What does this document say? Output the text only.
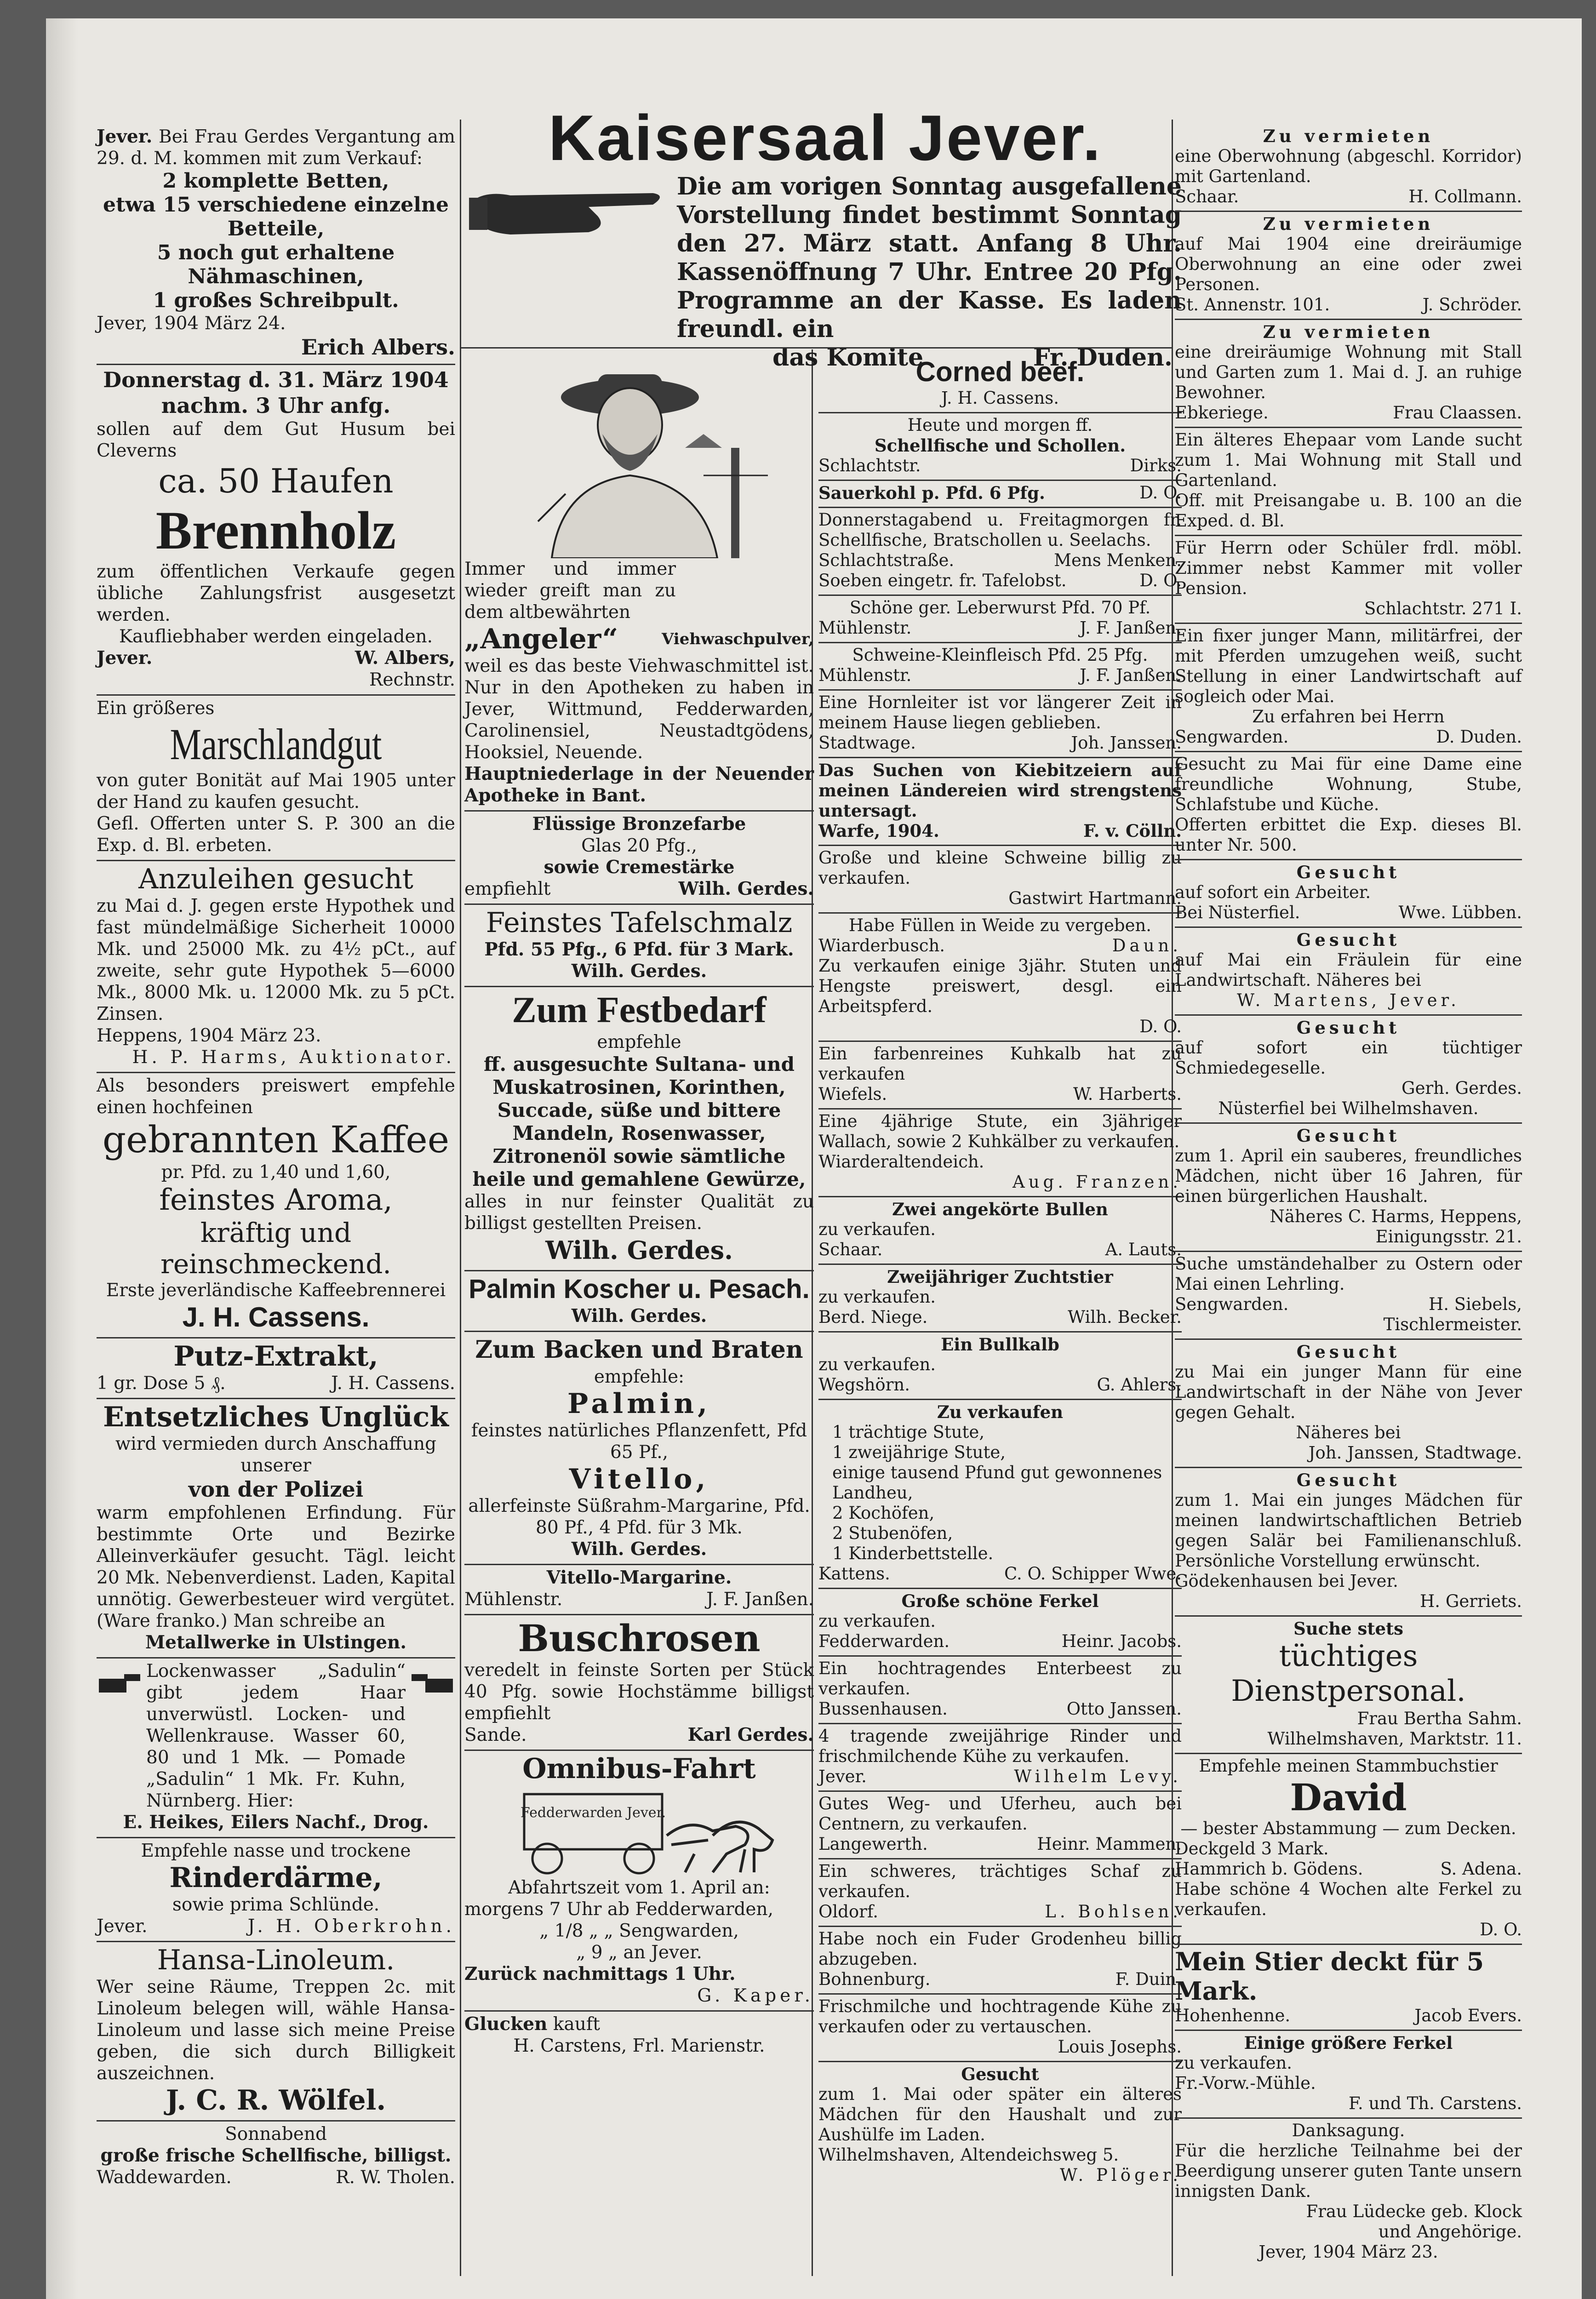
Jever. Bei Frau Gerdes Vergantung am 29. d. M. kommen mit zum Verkauf:

2 komplette Betten,
etwa 15 verschiedene einzelne Betteile,
5 noch gut erhaltene Nähmaschinen,
1 großes Schreibpult.
Jever, 1904 März 24.
Erich Albers.
Donnerstag d. 31. März 1904
nachm. 3 Uhr anfg.

sollen auf dem Gut Husum bei Cleverns

ca. 50 Haufen
Brennholz

zum öffentlichen Verkaufe gegen übliche Zahlungsfrist ausgesetzt werden.

Kaufliebhaber werden eingeladen.
Jever.	W. Albers,
Rechnstr.
Ein größeres
Marschlandgut

von guter Bonität auf Mai 1905 unter der Hand zu kaufen gesucht.

Gefl. Offerten unter S. P. 300 an die Exp. d. Bl. erbeten.

Anzuleihen gesucht

zu Mai d. J. gegen erste Hypothek und fast mündelmäßige Sicherheit 10000 Mk. und 25000 Mk. zu 4½ pCt., auf zweite, sehr gute Hypothek 5—6000 Mk., 8000 Mk. u. 12000 Mk. zu 5 pCt. Zinsen.

Heppens, 1904 März 23.
H. P. Harms, Auktionator.

Als besonders preiswert empfehle einen hochfeinen

gebrannten Kaffee
pr. Pfd. zu 1,40 und 1,60,
feinstes Aroma,
kräftig und reinschmeckend.
Erste jeverländische Kaffeebrennerei
J. H. Cassens.
Putz-Extrakt,
1 gr. Dose 5 ₰.	J. H. Cassens.
Entsetzliches Unglück
wird vermieden durch Anschaffung unserer
von der Polizei

warm empfohlenen Erfindung. Für bestimmte Orte und Bezirke Alleinverkäufer gesucht. Tägl. leicht 20 Mk. Nebenverdienst. Laden, Kapital unnötig. Gewerbesteuer wird vergütet. (Ware franko.) Man schreibe an

Metallwerke in Ulstingen.

Lockenwasser „Sadulin“ gibt jedem Haar unverwüstl. Locken- und Wellenkrause. Wasser 60, 80 und 1 Mk. — Pomade „Sadulin“ 1 Mk. Fr. Kuhn, Nürnberg. Hier:

E. Heikes, Eilers Nachf., Drog.
Empfehle nasse und trockene
Rinderdärme,
sowie prima Schlünde.
Jever.	J. H. Oberkrohn.
Hansa-Linoleum.

Wer seine Räume, Treppen 2c. mit Linoleum belegen will, wähle Hansa-Linoleum und lasse sich meine Preise geben, die sich durch Billigkeit auszeichnen.

J. C. R. Wölfel.
Sonnabend
große frische Schellfische, billigst.
Waddewarden.	R. W. Tholen.
Kaisersaal Jever.

Die am vorigen Sonntag ausgefallene Vorstellung findet bestimmt Sonntag den 27. März statt. Anfang 8 Uhr. Kassenöffnung 7 Uhr. Entree 20 Pfg. Programme an der Kasse. Es laden freundl. ein

das Komite	Fr. Duden.

Immer und immer wieder greift man zu dem altbewährten

„Angeler“	Viehwaschpulver,

weil es das beste Viehwaschmittel ist. Nur in den Apotheken zu haben in Jever, Wittmund, Fedderwarden, Carolinensiel, Neustadtgödens, Hooksiel, Neuende.

Hauptniederlage in der Neuender Apotheke in Bant.

Flüssige Bronzefarbe
Glas 20 Pfg.,
sowie Cremestärke
empfiehlt	Wilh. Gerdes.
Feinstes Tafelschmalz
Pfd. 55 Pfg., 6 Pfd. für 3 Mark.
Wilh. Gerdes.
Zum Festbedarf
empfehle
ff. ausgesuchte Sultana- und Muskatrosinen, Korinthen, Succade, süße und bittere Mandeln, Rosenwasser, Zitronenöl sowie sämtliche heile und gemahlene Gewürze,

alles in nur feinster Qualität zu billigst gestellten Preisen.

Wilh. Gerdes.
Palmin Koscher u. Pesach.
Wilh. Gerdes.
Zum Backen und Braten
empfehle:
Palmin,
feinstes natürliches Pflanzenfett, Pfd 65 Pf.,
Vitello,
allerfeinste Süßrahm-Margarine, Pfd. 80 Pf., 4 Pfd. für 3 Mk.
Wilh. Gerdes.
Vitello-Margarine.
Mühlenstr.	J. F. Janßen.
Buschrosen

veredelt in feinste Sorten per Stück 40 Pfg. sowie Hochstämme billigst empfiehlt

Sande.	Karl Gerdes.
Omnibus-Fahrt
Fedderwarden Jever.
Abfahrtszeit vom 1. April an:
morgens 7 Uhr ab Fedderwarden,
„ 1/8 „ „ Sengwarden,
„ 9 „ an Jever.
Zurück nachmittags 1 Uhr.
G. Kaper.
Glucken kauft
H. Carstens, Frl. Marienstr.
Corned beef.
J. H. Cassens.
Heute und morgen ff.
Schellfische und Schollen.
Schlachtstr.	Dirks.
Sauerkohl p. Pfd. 6 Pfg.	D. O.

Donnerstagabend u. Freitagmorgen fr. Schellfische, Bratschollen u. Seelachs.

Schlachtstraße.	Mens Menken.
Soeben eingetr. fr. Tafelobst.	D. O.
Schöne ger. Leberwurst Pfd. 70 Pf.
Mühlenstr.	J. F. Janßen.
Schweine-Kleinfleisch Pfd. 25 Pfg.
Mühlenstr.	J. F. Janßen.

Eine Hornleiter ist vor längerer Zeit in meinem Hause liegen geblieben.

Stadtwage.	Joh. Janssen.

Das Suchen von Kiebitzeiern auf meinen Ländereien wird strengstens untersagt.

Warfe, 1904.	F. v. Cölln.

Große und kleine Schweine billig zu verkaufen.

Gastwirt Hartmann.
Habe Füllen in Weide zu vergeben.
Wiarderbusch.	Daun.

Zu verkaufen einige 3jähr. Stuten und Hengste preiswert, desgl. ein Arbeitspferd.

D. O.

Ein farbenreines Kuhkalb hat zu verkaufen

Wiefels.	W. Harberts.

Eine 4jährige Stute, ein 3jähriger Wallach, sowie 2 Kuhkälber zu verkaufen.

Wiarderaltendeich.
Aug. Franzen.
Zwei angekörte Bullen
zu verkaufen.
Schaar.	A. Lauts.
Zweijähriger Zuchtstier
zu verkaufen.
Berd. Niege.	Wilh. Becker.
Ein Bullkalb
zu verkaufen.
Wegshörn.	G. Ahlers.
Zu verkaufen
1 trächtige Stute,
1 zweijährige Stute,
einige tausend Pfund gut gewonnenes Landheu,
2 Kochöfen,
2 Stubenöfen,
1 Kinderbettstelle.
Kattens.	C. O. Schipper Wwe.
Große schöne Ferkel
zu verkaufen.
Fedderwarden.	Heinr. Jacobs.

Ein hochtragendes Enterbeest zu verkaufen.

Bussenhausen.	Otto Janssen.

4 tragende zweijährige Rinder und frischmilchende Kühe zu verkaufen.

Jever.	Wilhelm Levy.

Gutes Weg- und Uferheu, auch bei Centnern, zu verkaufen.

Langewerth.	Heinr. Mammen.

Ein schweres, trächtiges Schaf zu verkaufen.

Oldorf.	L. Bohlsen.

Habe noch ein Fuder Grodenheu billig abzugeben.

Bohnenburg.	F. Duin.

Frischmilche und hochtragende Kühe zu verkaufen oder zu vertauschen.

Louis Josephs.
Gesucht

zum 1. Mai oder später ein älteres Mädchen für den Haushalt und zur Aushülfe im Laden.

Wilhelmshaven, Altendeichsweg 5.
W. Plöger.
Zu vermieten

eine Oberwohnung (abgeschl. Korridor) mit Gartenland.

Schaar.	H. Collmann.
Zu vermieten

auf Mai 1904 eine dreiräumige Oberwohnung an eine oder zwei Personen.

St. Annenstr. 101.	J. Schröder.
Zu vermieten

eine dreiräumige Wohnung mit Stall und Garten zum 1. Mai d. J. an ruhige Bewohner.

Ebkeriege.	Frau Claassen.

Ein älteres Ehepaar vom Lande sucht zum 1. Mai Wohnung mit Stall und Gartenland.

Off. mit Preisangabe u. B. 100 an die Exped. d. Bl.

Für Herrn oder Schüler frdl. möbl. Zimmer nebst Kammer mit voller Pension.

Schlachtstr. 271 I.

Ein fixer junger Mann, militärfrei, der mit Pferden umzugehen weiß, sucht Stellung in einer Landwirtschaft auf sogleich oder Mai.

Zu erfahren bei Herrn
Sengwarden.	D. Duden.

Gesucht zu Mai für eine Dame eine freundliche Wohnung, Stube, Schlafstube und Küche.

Offerten erbittet die Exp. dieses Bl. unter Nr. 500.

Gesucht
auf sofort ein Arbeiter.
Bei Nüsterfiel.	Wwe. Lübben.
Gesucht

auf Mai ein Fräulein für eine Landwirtschaft. Näheres bei

W. Martens, Jever.
Gesucht

auf sofort ein tüchtiger Schmiedegeselle.

Gerh. Gerdes.
Nüsterfiel bei Wilhelmshaven.
Gesucht

zum 1. April ein sauberes, freundliches Mädchen, nicht über 16 Jahren, für einen bürgerlichen Haushalt.

Näheres C. Harms, Heppens,
Einigungsstr. 21.

Suche umständehalber zu Ostern oder Mai einen Lehrling.

Sengwarden.	H. Siebels,
Tischlermeister.
Gesucht

zu Mai ein junger Mann für eine Landwirtschaft in der Nähe von Jever gegen Gehalt.

Näheres bei
Joh. Janssen, Stadtwage.
Gesucht

zum 1. Mai ein junges Mädchen für meinen landwirtschaftlichen Betrieb gegen Salär bei Familienanschluß. Persönliche Vorstellung erwünscht.

Gödekenhausen bei Jever.
H. Gerriets.
Suche stets
tüchtiges Dienstpersonal.
Frau Bertha Sahm.
Wilhelmshaven, Marktstr. 11.
Empfehle meinen Stammbuchstier
David
— bester Abstammung — zum Decken.
Deckgeld 3 Mark.
Hammrich b. Gödens.	S. Adena.

Habe schöne 4 Wochen alte Ferkel zu verkaufen.

D. O.
Mein Stier deckt für 5 Mark.
Hohenhenne.	Jacob Evers.
Einige größere Ferkel
zu verkaufen.
Fr.-Vorw.-Mühle.
F. und Th. Carstens.
Danksagung.

Für die herzliche Teilnahme bei der Beerdigung unserer guten Tante unsern innigsten Dank.

Frau Lüdecke geb. Klock
und Angehörige.
Jever, 1904 März 23.
